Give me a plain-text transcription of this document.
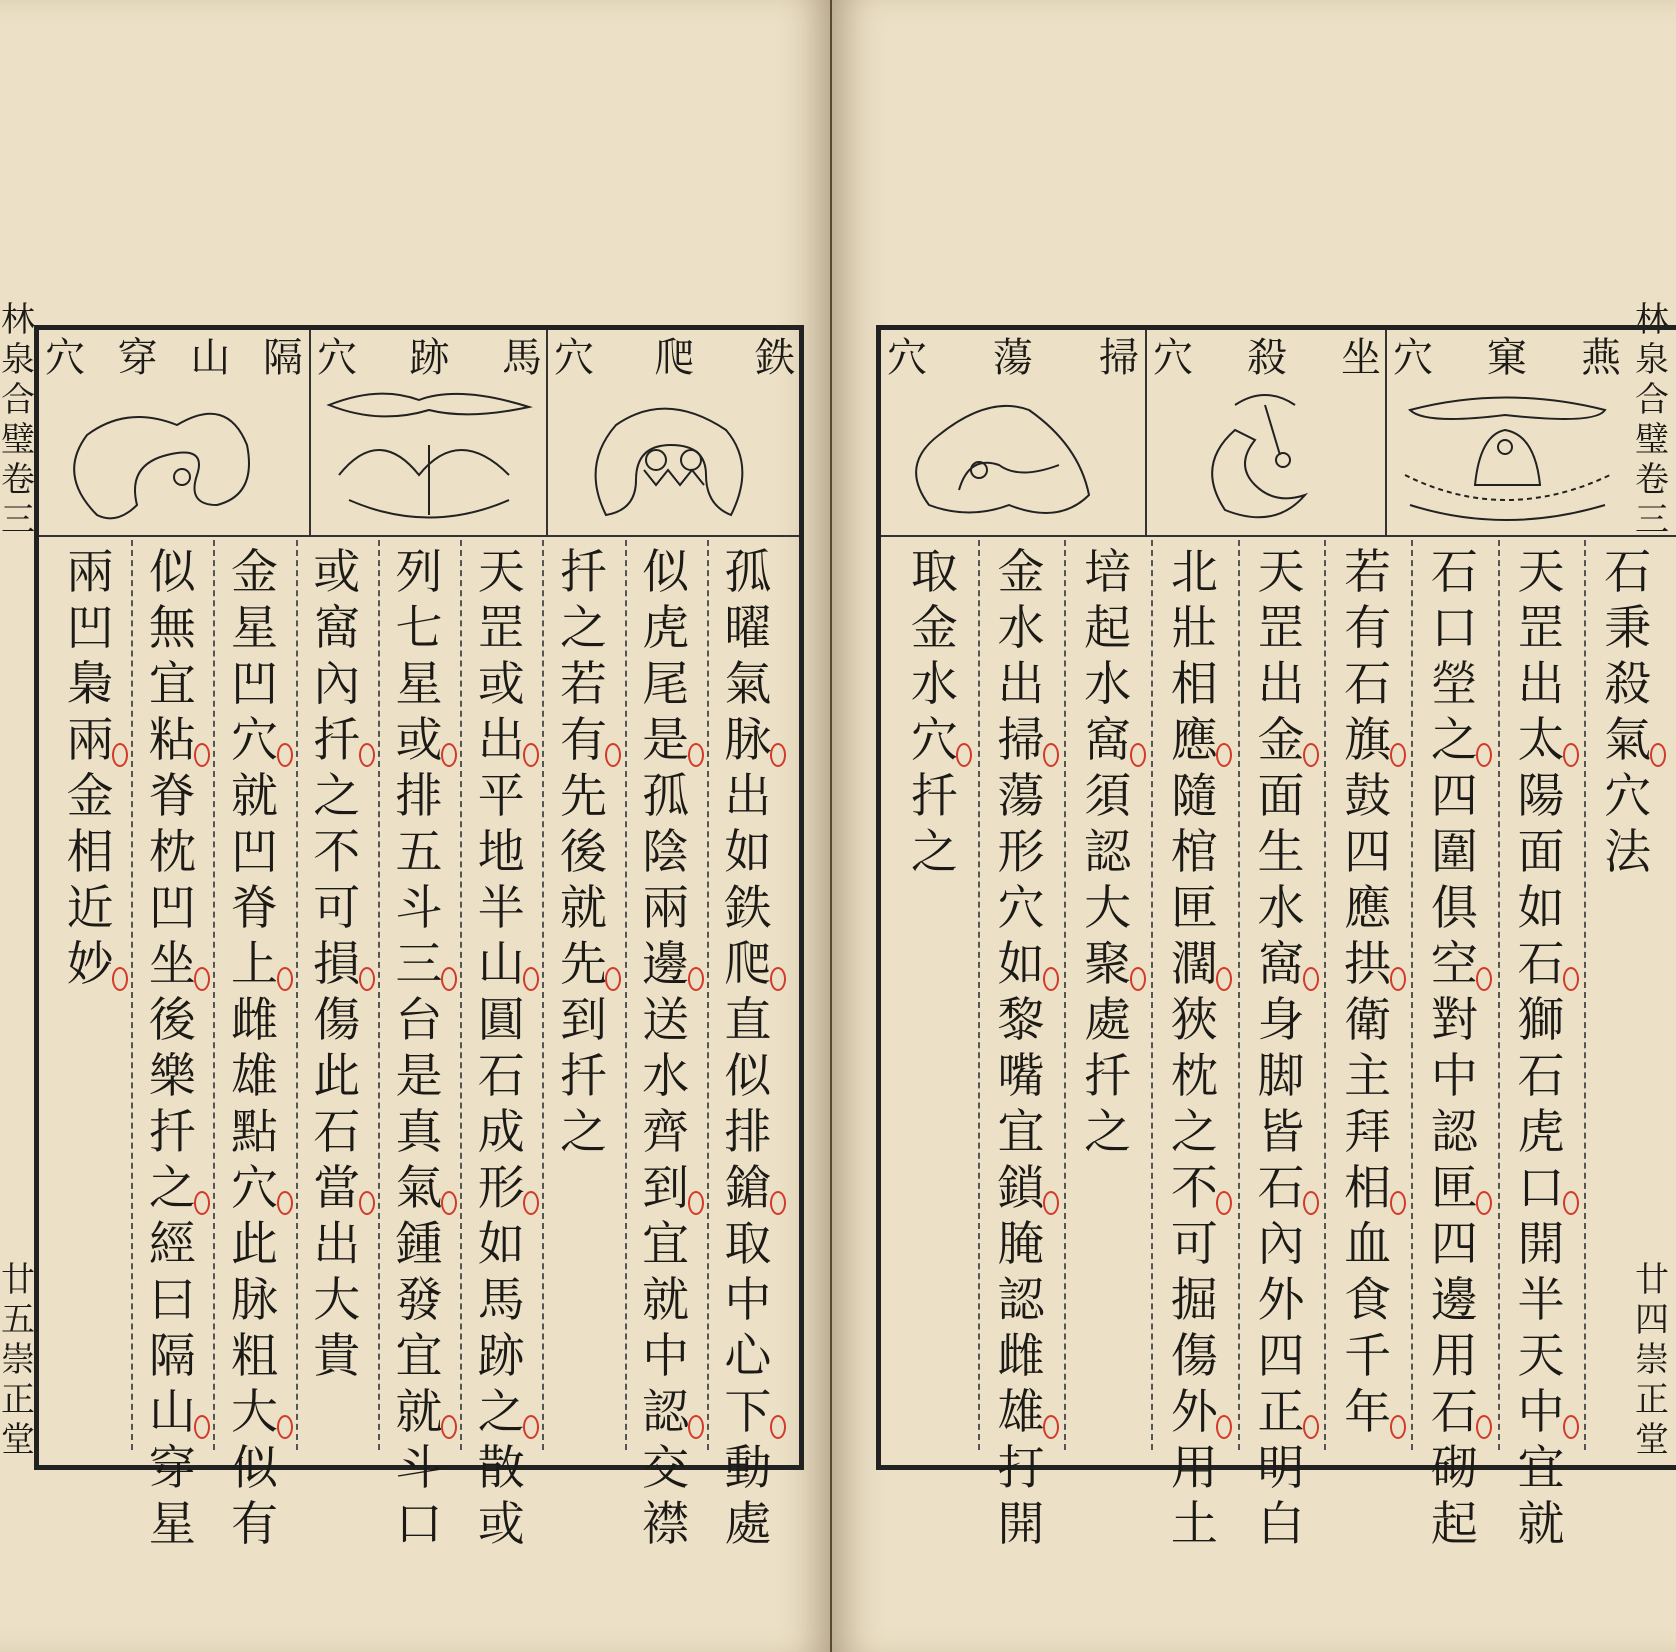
林
泉
合
璧
卷
三
廿
五
崇
正
堂
鉄
爬
穴
馬
跡
穴
隔
山
穿
穴
孤
曜
氣
脉
出
如
鉄
爬
直
似
排
鎗
取
中
心
下
動
處
似
虎
尾
是
孤
陰
兩
邊
送
水
齊
到
宜
就
中
認
交
襟
扦
之
若
有
先
後
就
先
到
扦
之
天
罡
或
出
平
地
半
山
圓
石
成
形
如
馬
跡
之
散
或
列
七
星
或
排
五
斗
三
台
是
真
氣
鍾
發
宜
就
斗
口
或
窩
內
扦
之
不
可
損
傷
此
石
當
出
大
貴
金
星
凹
穴
就
凹
脊
上
雌
雄
點
穴
此
脉
粗
大
似
有
似
無
宜
粘
脊
枕
凹
坐
後
樂
扦
之
經
曰
隔
山
穿
星
兩
凹
梟
兩
金
相
近
妙
林
泉
合
璧
卷
三
廿
四
崇
正
堂
燕
窠
穴
坐
殺
穴
掃
蕩
穴
石
秉
殺
氣
穴
法
天
罡
出
太
陽
面
如
石
獅
石
虎
口
開
半
天
中
宜
就
石
口
塋
之
四
圍
俱
空
對
中
認
匣
四
邊
用
石
砌
起
若
有
石
旗
鼓
四
應
拱
衛
主
拜
相
血
食
千
年
天
罡
出
金
面
生
水
窩
身
脚
皆
石
內
外
四
正
明
白
北
壯
相
應
隨
棺
匣
濶
狹
枕
之
不
可
掘
傷
外
用
土
培
起
水
窩
須
認
大
聚
處
扦
之
金
水
出
掃
蕩
形
穴
如
黎
嘴
宜
鎖
腌
認
雌
雄
打
開
取
金
水
穴
扦
之
